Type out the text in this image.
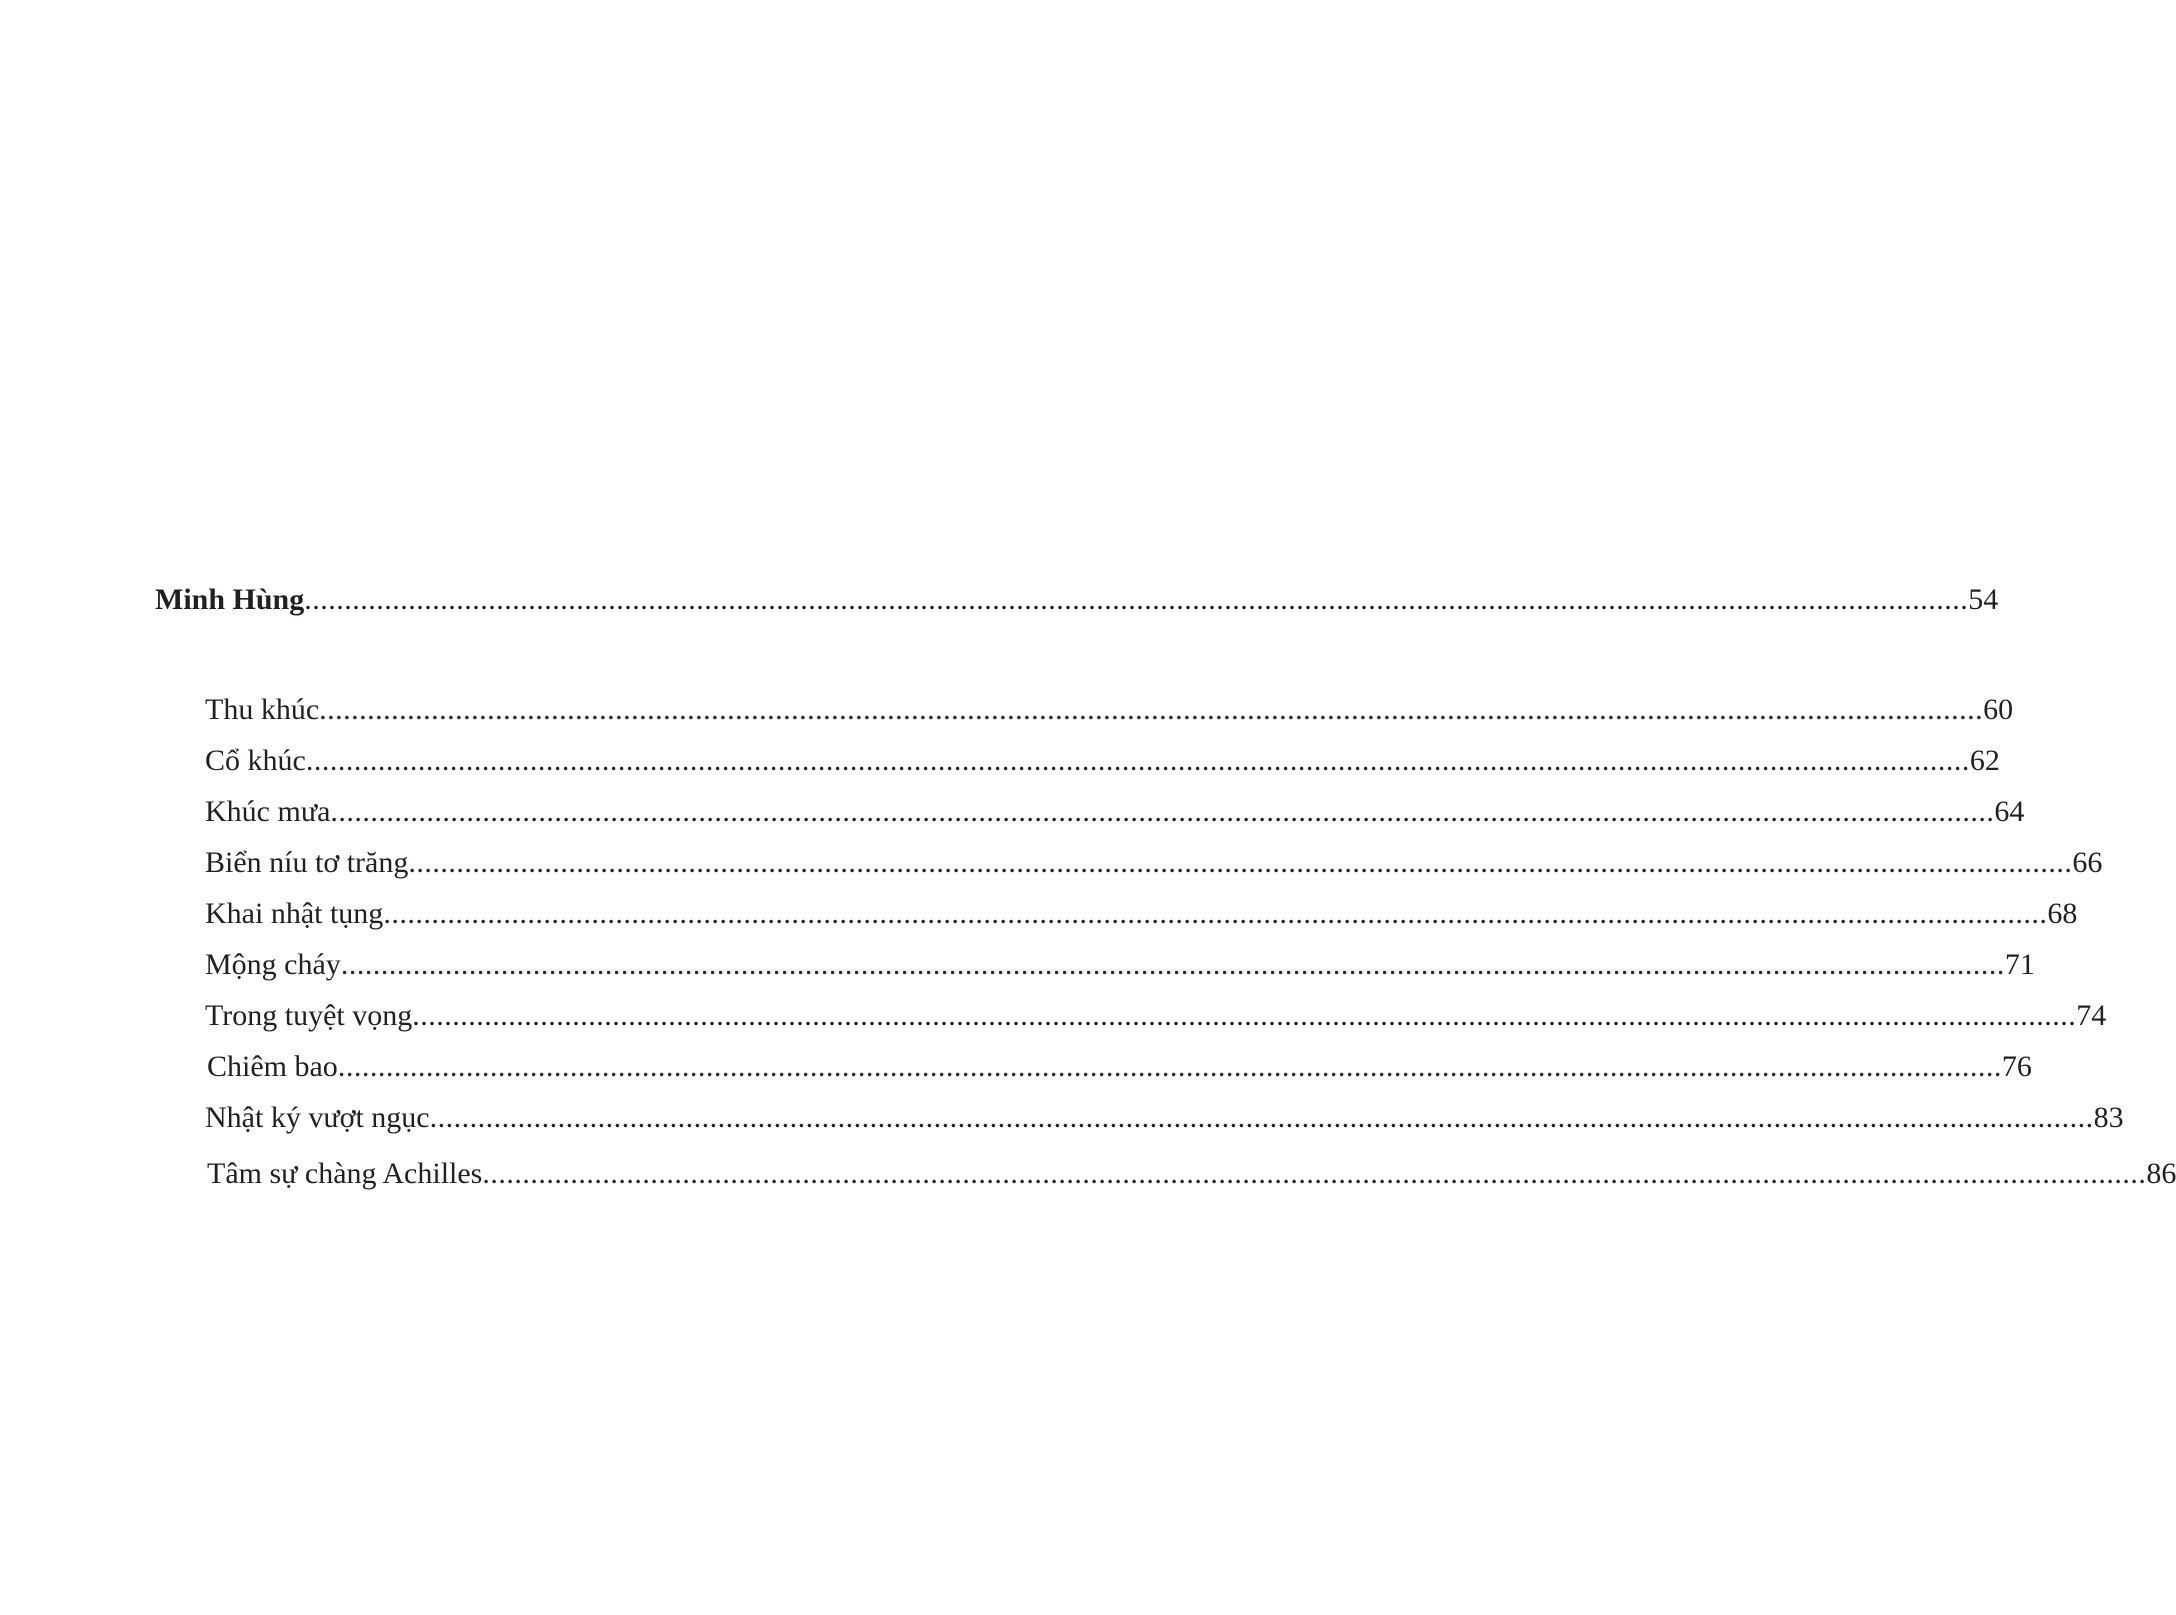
Minh Hùng ................................................................................................................................................................................................................ 54
Thu khúc ................................................................................................................................................................................................................ 60
Cổ khúc ................................................................................................................................................................................................................ 62
Khúc mưa ................................................................................................................................................................................................................ 64
Biển níu tơ trăng ................................................................................................................................................................................................................ 66
Khai nhật tụng ................................................................................................................................................................................................................ 68
Mộng cháy ................................................................................................................................................................................................................ 71
Trong tuyệt vọng ................................................................................................................................................................................................................ 74
Chiêm bao ................................................................................................................................................................................................................ 76
Nhật ký vượt ngục ................................................................................................................................................................................................................ 83
Tâm sự chàng Achilles ................................................................................................................................................................................................................ 86
